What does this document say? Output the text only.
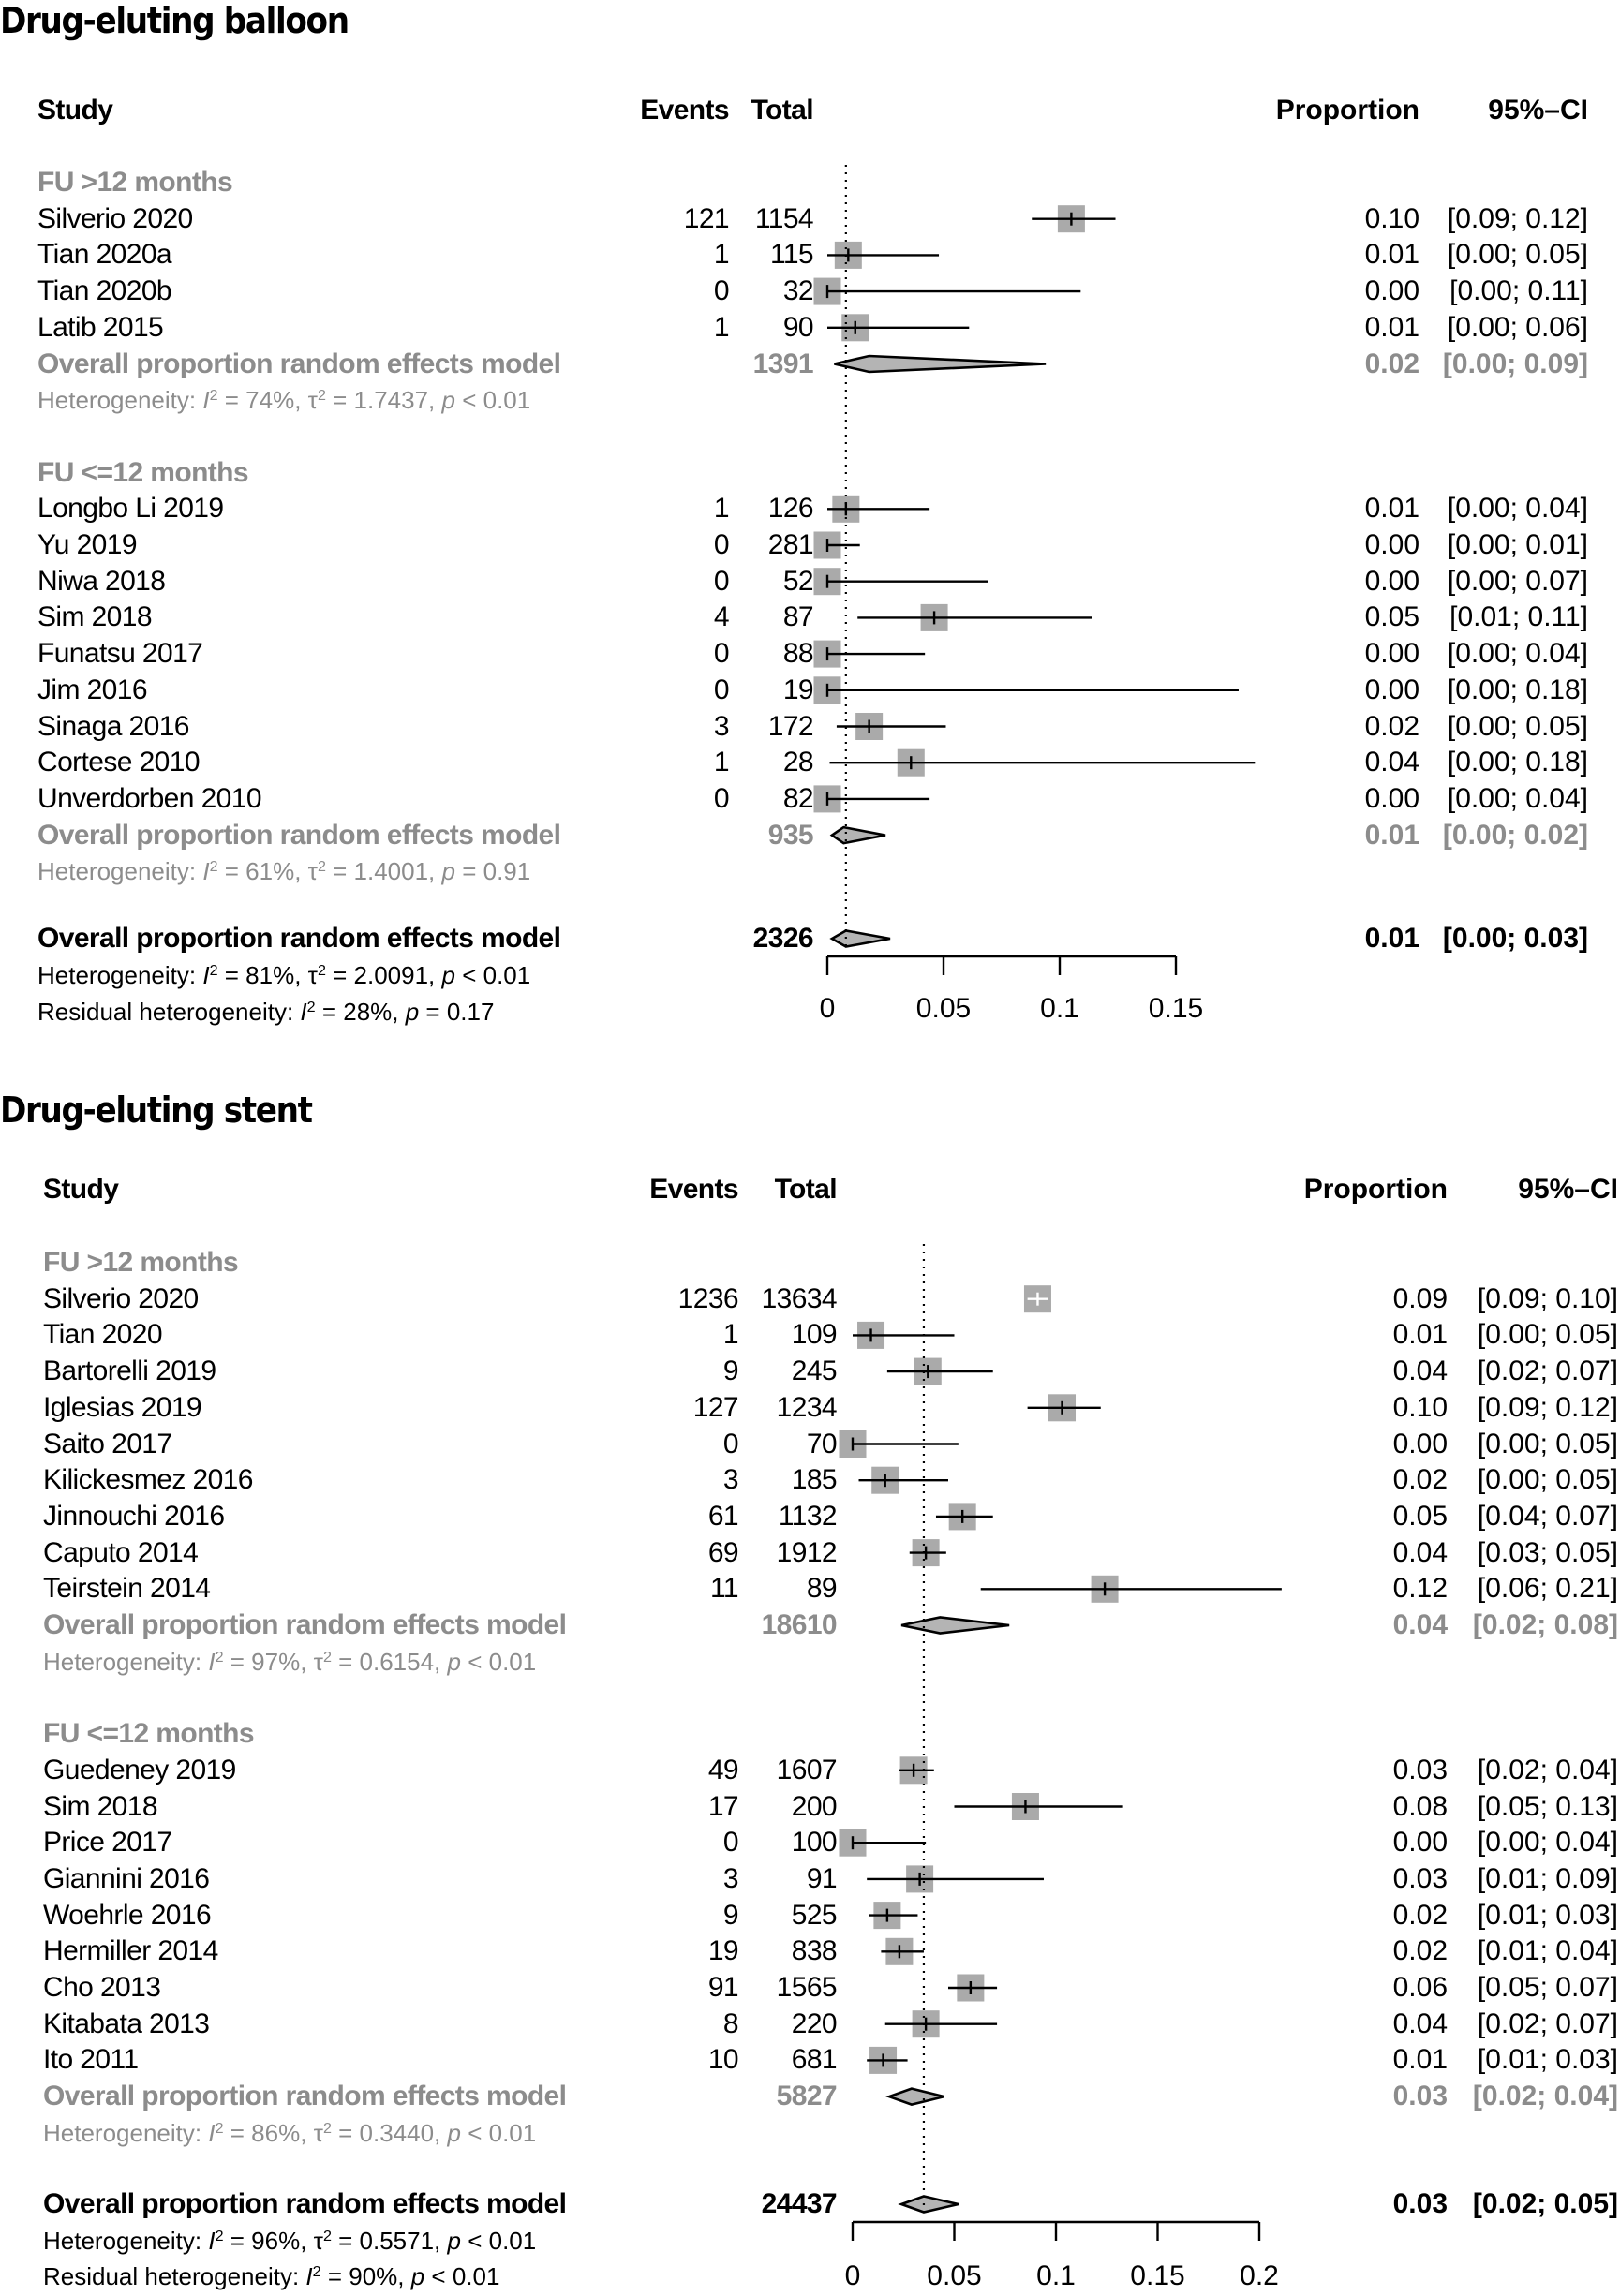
Drug-eluting balloon
Study	Events Total	Proportion 95%–CI
FU >12 months
Silverio 2020	121 1154	0.10 [0.09; 0.12]
Tian 2020a	1 115	0.01 [0.00; 0.05]
Tian 2020b	0 32	0.00 [0.00; 0.11]
Latib 2015	1 90	0.01 [0.00; 0.06]
Overall proportion random effects model	1391	0.02 [0.00; 0.09]
Heterogeneity: $I^2 = 74\%$, $\tau^2 = 1.7437$, p < 0.01
FU <=12 months
Longbo Li 2019	1 126	0.01 [0.00; 0.04]
Yu 2019	0 281	0.00 [0.00; 0.01]
Niwa 2018	0 52	0.00 [0.00; 0.07]
Sim 2018	4 87	0.05 [0.01; 0.11]
Funatsu 2017	0 88	0.00 [0.00; 0.04]
Jim 2016	0 19	0.00 [0.00; 0.18]
Sinaga 2016	3 172	0.02 [0.00; 0.05]
Cortese 2010	1 28	0.04 [0.00; 0.18]
Unverdorben 2010	0 82	0.00 [0.00; 0.04]
Overall proportion random effects model	935	0.01 [0.00; 0.02]
Heterogeneity: $I^2 = 61\%$, $\tau^2 = 1.4001$, p = 0.91
Overall proportion random effects model	2326	0.01 [0.00; 0.03]
Heterogeneity: $I^2 = 81\%$, $\tau^2 = 2.0091$, p < 0.01
Residual heterogeneity: $I^2 = 28\%$, p = 0.17	0	0.05 0.1 0.15
Drug-eluting stent
Study	Events Total	Proportion	95%–CI
FU >12 months
Silverio 2020	1236 13634	0.09 [0.09; 0.10]
Tian 2020	1 109	0.01 [0.00; 0.05]
Bartorelli 2019	9 245	0.04 [0.02; 0.07]
Iglesias 2019	127 1234	0.10 [0.09; 0.12]
Saito 2017	0 70	0.00 [0.00; 0.05]
Kilickesmez 2016	3 185	0.02 [0.00; 0.05]
Jinnouchi 2016	61 1132	0.05 [0.04; 0.07]
Caputo 2014	69 1912	0.04 [0.03; 0.05]
Teirstein 2014	11 89	0.12 [0.06; 0.21]
Overall proportion random effects model	18610	0.04 [0.02; 0.08]
Heterogeneity: $I^2 = 97\%$, $\tau^2 = 0.6154$, p < 0.01
FU <=12 months
Guedeney 2019	49 1607	0.03 [0.02; 0.04]
Sim 2018	17 200	0.08 [0.05; 0.13]
Price 2017	0 100	0.00 [0.00; 0.04]
Giannini 2016	3 91	0.03 [0.01; 0.09]
Woehrle 2016	9 525	0.02 [0.01; 0.03]
Hermiller 2014	19 838	0.02 [0.01; 0.04]
Cho 2013	91 1565	0.06 [0.05; 0.07]
Kitabata 2013	8 220	0.04 [0.02; 0.07]
Ito 2011	10 681	0.01 [0.01; 0.03]
Overall proportion random effects model	5827	0.03 [0.02; 0.04]
Heterogeneity: $I^2 = 86\%$, $\tau^2 = 0.3440$, p < 0.01
Overall proportion random effects model	24437	0.03 [0.02; 0.05]
Heterogeneity: $I^2 = 96\%$, $\tau^2 = 0.5571$, p < 0.01
Residual heterogeneity: $I^2 = 90\%$, p < 0.01	0 0.05 0.1 0.15 0.2
